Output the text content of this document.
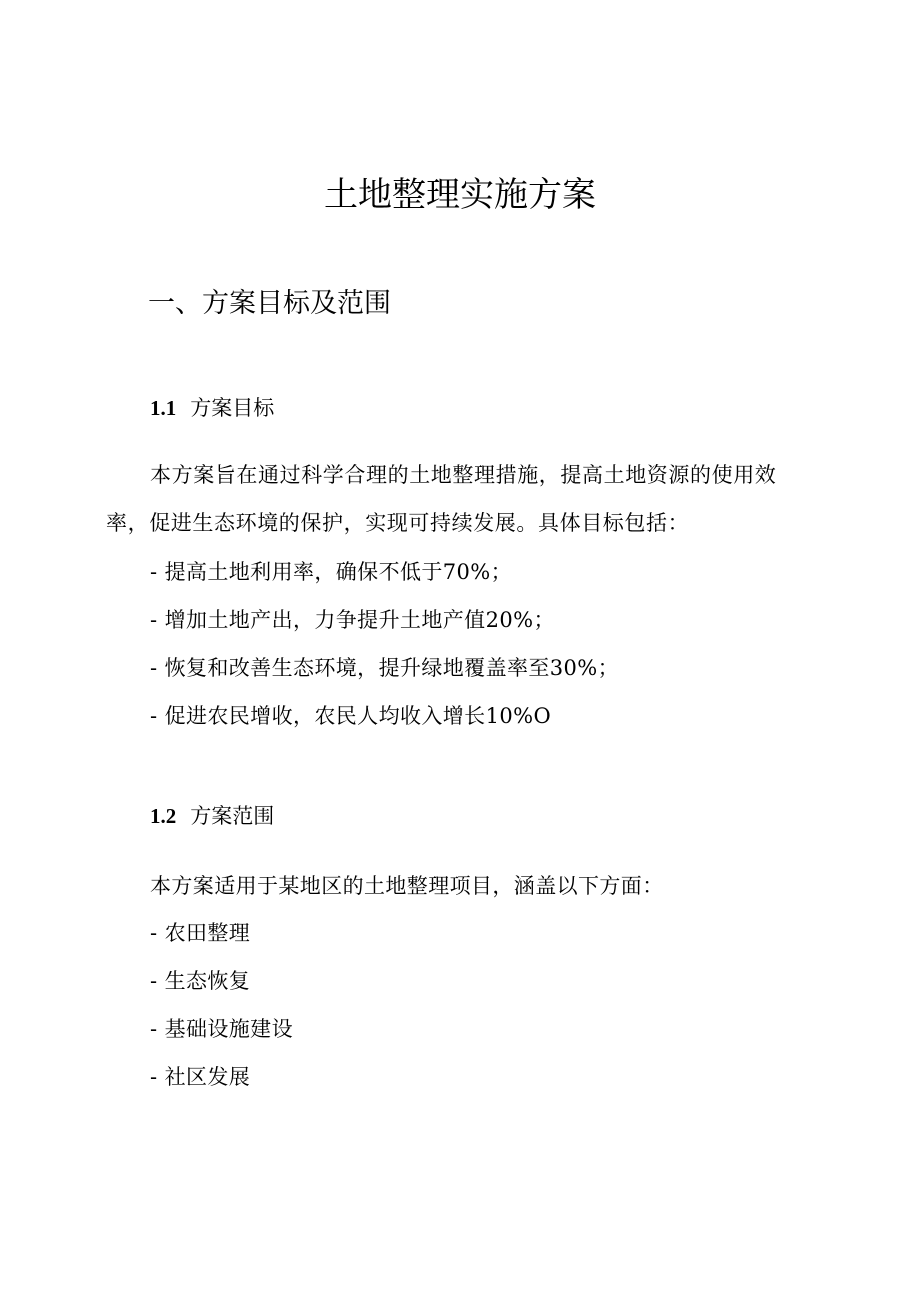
土地整理实施方案
一、方案目标及范围
1.1 方案目标
本方案旨在通过科学合理的土地整理措施，提高土地资源的使用效率，促进生态环境的保护，实现可持续发展。具体目标包括：
- 提高土地利用率，确保不低于70%；
- 增加土地产出，力争提升土地产值20%；
- 恢复和改善生态环境，提升绿地覆盖率至30%；
- 促进农民增收，农民人均收入增长10%O
1.2 方案范围
本方案适用于某地区的土地整理项目，涵盖以下方面：
- 农田整理
- 生态恢复
- 基础设施建设
- 社区发展
